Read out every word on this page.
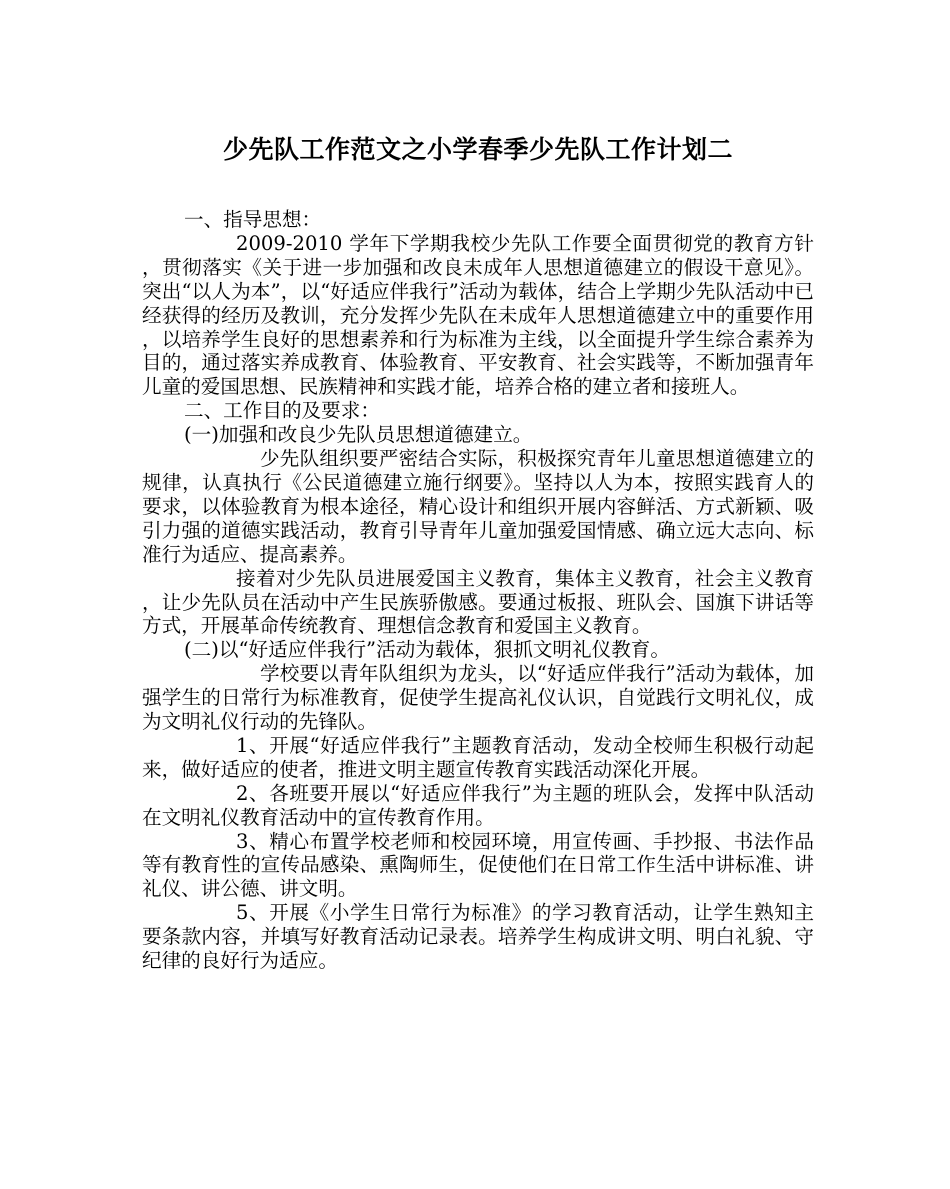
少先队工作范文之小学春季少先队工作计划二

一、指导思想：

2009-2010 学年下学期我校少先队工作要全面贯彻党的教育方针，贯彻落实《关于进一步加强和改良未成年人思想道德建立的假设干意见》。突出“以人为本”，以“好适应伴我行”活动为载体，结合上学期少先队活动中已经获得的经历及教训，充分发挥少先队在未成年人思想道德建立中的重要作用，以培养学生良好的思想素养和行为标准为主线，以全面提升学生综合素养为目的，通过落实养成教育、体验教育、平安教育、社会实践等，不断加强青年儿童的爱国思想、民族精神和实践才能，培养合格的建立者和接班人。

二、工作目的及要求：

(一)加强和改良少先队员思想道德建立。

少先队组织要严密结合实际，积极探究青年儿童思想道德建立的规律，认真执行《公民道德建立施行纲要》。坚持以人为本，按照实践育人的要求，以体验教育为根本途径，精心设计和组织开展内容鲜活、方式新颖、吸引力强的道德实践活动，教育引导青年儿童加强爱国情感、确立远大志向、标准行为适应、提高素养。

接着对少先队员进展爱国主义教育，集体主义教育，社会主义教育，让少先队员在活动中产生民族骄傲感。要通过板报、班队会、国旗下讲话等方式，开展革命传统教育、理想信念教育和爱国主义教育。

(二)以“好适应伴我行”活动为载体，狠抓文明礼仪教育。

学校要以青年队组织为龙头，以“好适应伴我行”活动为载体，加强学生的日常行为标准教育，促使学生提高礼仪认识，自觉践行文明礼仪，成为文明礼仪行动的先锋队。

1、开展“好适应伴我行”主题教育活动，发动全校师生积极行动起来，做好适应的使者，推进文明主题宣传教育实践活动深化开展。

2、各班要开展以“好适应伴我行”为主题的班队会，发挥中队活动在文明礼仪教育活动中的宣传教育作用。

3、精心布置学校老师和校园环境，用宣传画、手抄报、书法作品等有教育性的宣传品感染、熏陶师生，促使他们在日常工作生活中讲标准、讲礼仪、讲公德、讲文明。

5、开展《小学生日常行为标准》的学习教育活动，让学生熟知主要条款内容，并填写好教育活动记录表。培养学生构成讲文明、明白礼貌、守纪律的良好行为适应。
